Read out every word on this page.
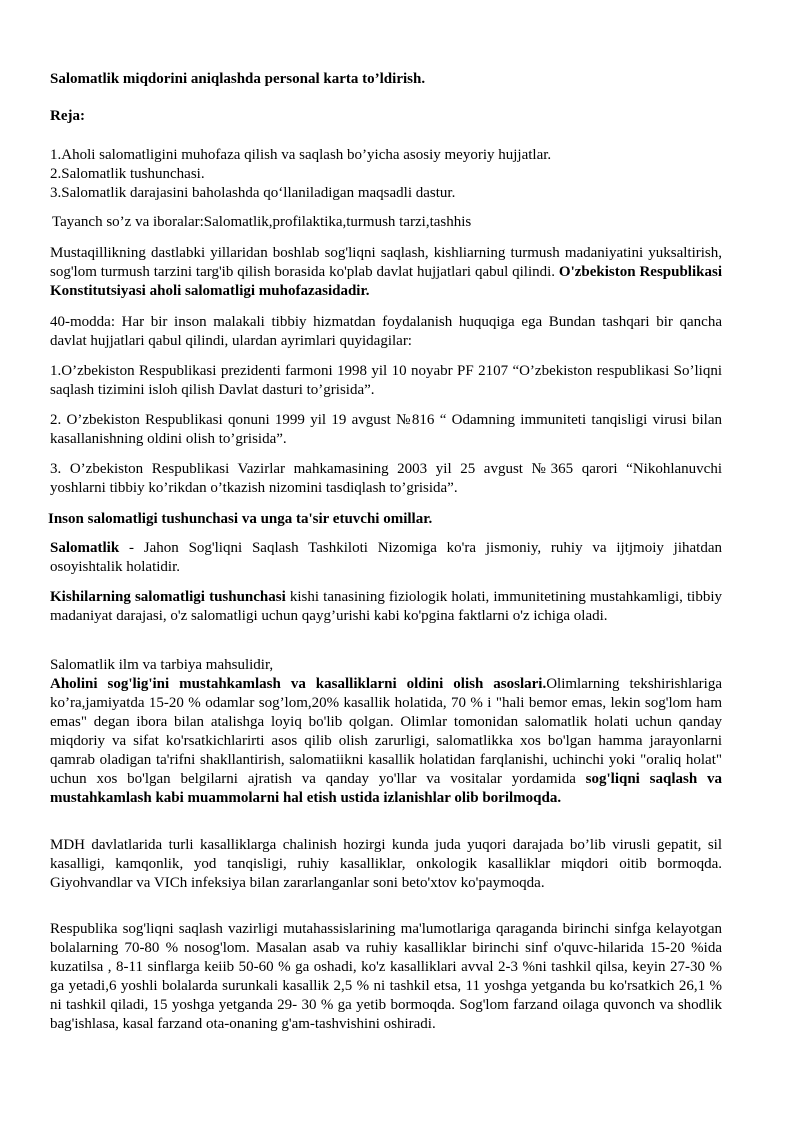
Salomatlik miqdorini aniqlashda personal karta to’ldirish.
Reja:
1.Aholi salomatligini muhofaza qilish va saqlash bo’yicha asosiy meyoriy hujjatlar.
2.Salomatlik tushunchasi.
3.Salomatlik darajasini baholashda qo‘llaniladigan maqsadli dastur.
Tayanch so’z va iboralar:Salomatlik,profilaktika,turmush tarzi,tashhis

Mustaqillikning dastlabki yillaridan boshlab sog'liqni saqlash, kishliarning turmush madaniyatini yuksaltirish, sog'lom turmush tarzini targ'ib qilish borasida ko'plab davlat hujjatlari qabul qilindi. O'zbekiston Respublikasi Konstitutsiyasi aholi salomatligi muhofazasidadir.

40-modda: Har bir inson malakali tibbiy hizmatdan foydalanish huquqiga ega Bundan tashqari bir qancha davlat hujjatlari qabul qilindi, ulardan ayrimlari quyidagilar:

1.O’zbekiston Respublikasi prezidenti farmoni 1998 yil 10 noyabr PF 2107 “O’zbekiston respublikasi So’liqni saqlash tizimini isloh qilish Davlat dasturi to’grisida”.

2. O’zbekiston Respublikasi qonuni 1999 yil 19 avgust №816 “ Odamning immuniteti tanqisligi virusi bilan kasallanishning oldini olish to’grisida”.

3. O’zbekiston Respublikasi Vazirlar mahkamasining 2003 yil 25 avgust №365 qarori “Nikohlanuvchi yoshlarni tibbiy ko’rikdan o’tkazish nizomini tasdiqlash to’grisida”.

Inson salomatligi tushunchasi va unga ta'sir etuvchi omillar.

Salomatlik - Jahon Sog'liqni Saqlash Tashkiloti Nizomiga ko'ra jismoniy, ruhiy va ijtjmoiy jihatdan osoyishtalik holatidir.

Kishilarning salomatligi tushunchasi kishi tanasining fiziologik holati, immunitetining mustahkamligi, tibbiy madaniyat darajasi, o'z salomatligi uchun qayg’urishi kabi ko'pgina faktlarni o'z ichiga oladi.

Salomatlik ilm va tarbiya mahsulidir,

Aholini sog'lig'ini mustahkamlash va kasalliklarni oldini olish asoslari.Olimlarning tekshirishlariga ko’ra,jamiyatda 15-20 % odamlar sog’lom,20% kasallik holatida, 70 % i "hali bemor emas, lekin sog'lom ham emas" degan ibora bilan atalishga loyiq bo'lib qolgan. Olimlar tomonidan salomatlik holati uchun qanday miqdoriy va sifat ko'rsatkichlarirti asos qilib olish zarurligi, salomatlikka xos bo'lgan hamma jarayonlarni qamrab oladigan ta'rifni shakllantirish, salomatiikni kasallik holatidan farqlanishi, uchinchi yoki "oraliq holat" uchun xos bo'lgan belgilarni ajratish va qanday yo'llar va vositalar yordamida sog'liqni saqlash va mustahkamlash kabi muammolarni hal etish ustida izlanishlar olib borilmoqda.

MDH davlatlarida turli kasalliklarga chalinish hozirgi kunda juda yuqori darajada bo’lib virusli gepatit, sil kasalligi, kamqonlik, yod tanqisligi, ruhiy kasalliklar, onkologik kasalliklar miqdori oitib bormoqda. Giyohvandlar va VICh infeksiya bilan zararlanganlar soni beto'xtov ko'paymoqda.

Respublika sog'liqni saqlash vazirligi mutahassislarining ma'lumotlariga qaraganda birinchi sinfga kelayotgan bolalarning 70-80 % nosog'lom. Masalan asab va ruhiy kasalliklar birinchi sinf o'quvc-hilarida 15-20 %ida kuzatilsa , 8-11 sinflarga keiib 50-60 % ga oshadi, ko'z kasalliklari avval 2-3 %ni tashkil qilsa, keyin 27-30 % ga yetadi,6 yoshli bolalarda surunkali kasallik 2,5 % ni tashkil etsa, 11 yoshga yetganda bu ko'rsatkich 26,1 % ni tashkil qiladi, 15 yoshga yetganda 29- 30 % ga yetib bormoqda. Sog'lom farzand oilaga quvonch va shodlik bag'ishlasa, kasal farzand ota-onaning g'am-tashvishini oshiradi.
